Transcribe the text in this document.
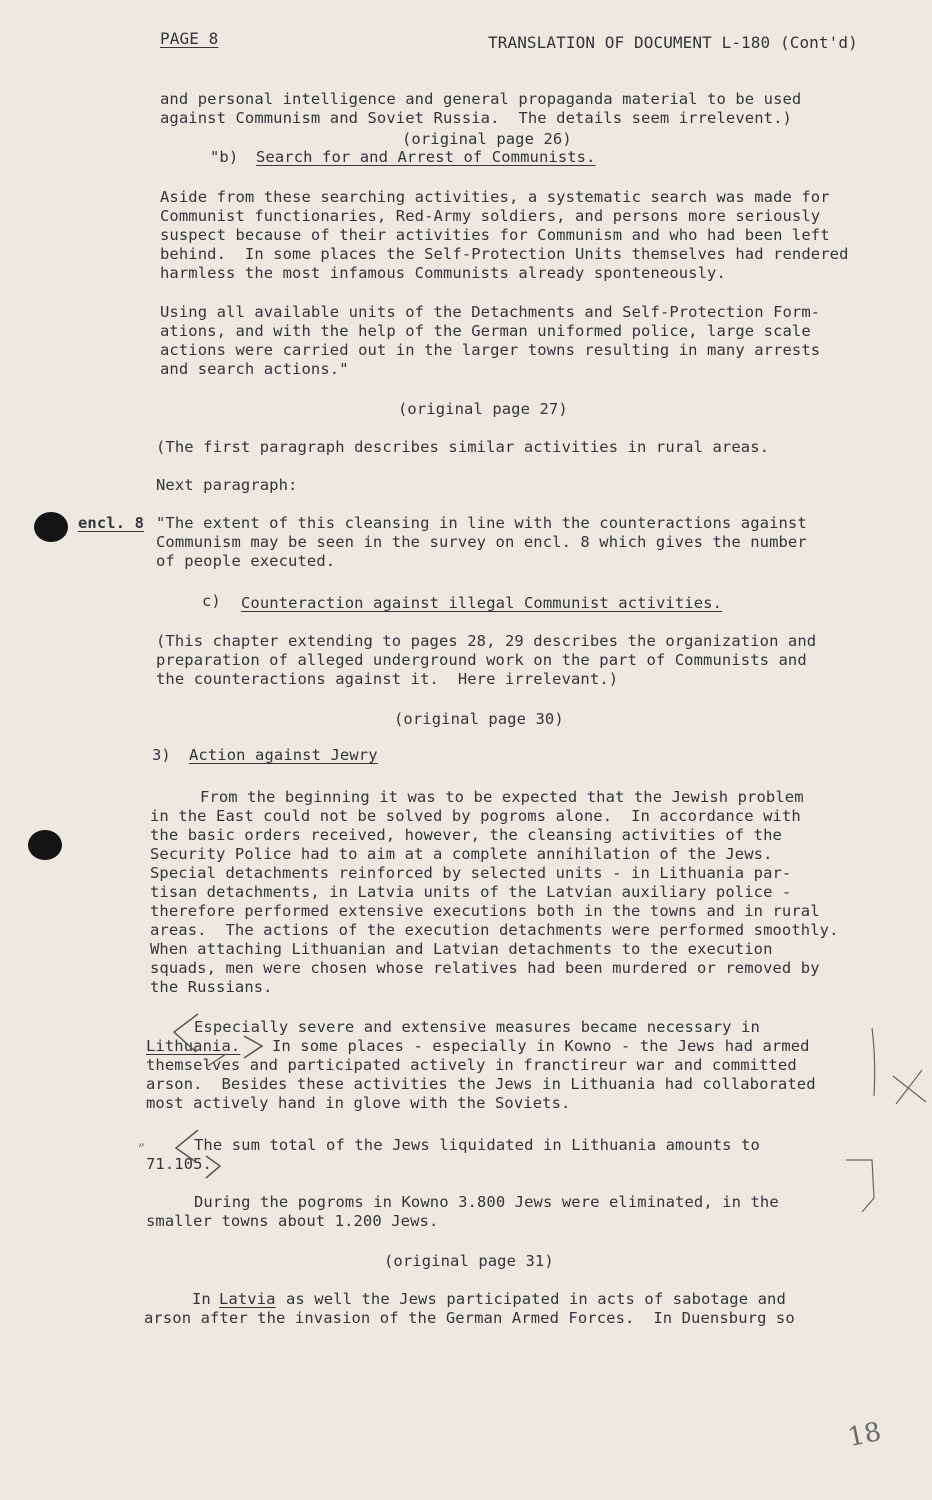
PAGE 8	TRANSLATION OF DOCUMENT L-180 (Cont'd)
and personal intelligence and general propaganda material to be used
against Communism and Soviet Russia.  The details seem irrelevent.)
(original page 26)
"b) Search for and Arrest of Communists.
Aside from these searching activities, a systematic search was made for
Communist functionaries, Red-Army soldiers, and persons more seriously
suspect because of their activities for Communism and who had been left
behind.  In some places the Self-Protection Units themselves had rendered
harmless the most infamous Communists already sponteneously.
Using all available units of the Detachments and Self-Protection Form-
ations, and with the help of the German uniformed police, large scale
actions were carried out in the larger towns resulting in many arrests
and search actions."
(original page 27)
(The first paragraph describes similar activities in rural areas.
Next paragraph:
encl. 8 "The extent of this cleansing in line with the counteractions against
Communism may be seen in the survey on encl. 8 which gives the number
of people executed.
c) Counteraction against illegal Communist activities.
(This chapter extending to pages 28, 29 describes the organization and
preparation of alleged underground work on the part of Communists and
the counteractions against it.  Here irrelevant.)
(original page 30)
3) Action against Jewry
From the beginning it was to be expected that the Jewish problem
in the East could not be solved by pogroms alone.  In accordance with
the basic orders received, however, the cleansing activities of the
Security Police had to aim at a complete annihilation of the Jews.
Special detachments reinforced by selected units - in Lithuania par-
tisan detachments, in Latvia units of the Latvian auxiliary police -
therefore performed extensive executions both in the towns and in rural
areas.  The actions of the execution detachments were performed smoothly.
When attaching Lithuanian and Latvian detachments to the execution
squads, men were chosen whose relatives had been murdered or removed by
the Russians.
Especially severe and extensive measures became necessary in
Lithuania. In some places - especially in Kowno - the Jews had armed
themselves and participated actively in franctireur war and committed
arson.  Besides these activities the Jews in Lithuania had collaborated
most actively hand in glove with the Soviets.
The sum total of the Jews liquidated in Lithuania amounts to
71.105.
During the pogroms in Kowno 3.800 Jews were eliminated, in the
smaller towns about 1.200 Jews.
(original page 31)
In Latvia as well the Jews participated in acts of sabotage and
arson after the invasion of the German Armed Forces.  In Duensburg so
„
18
